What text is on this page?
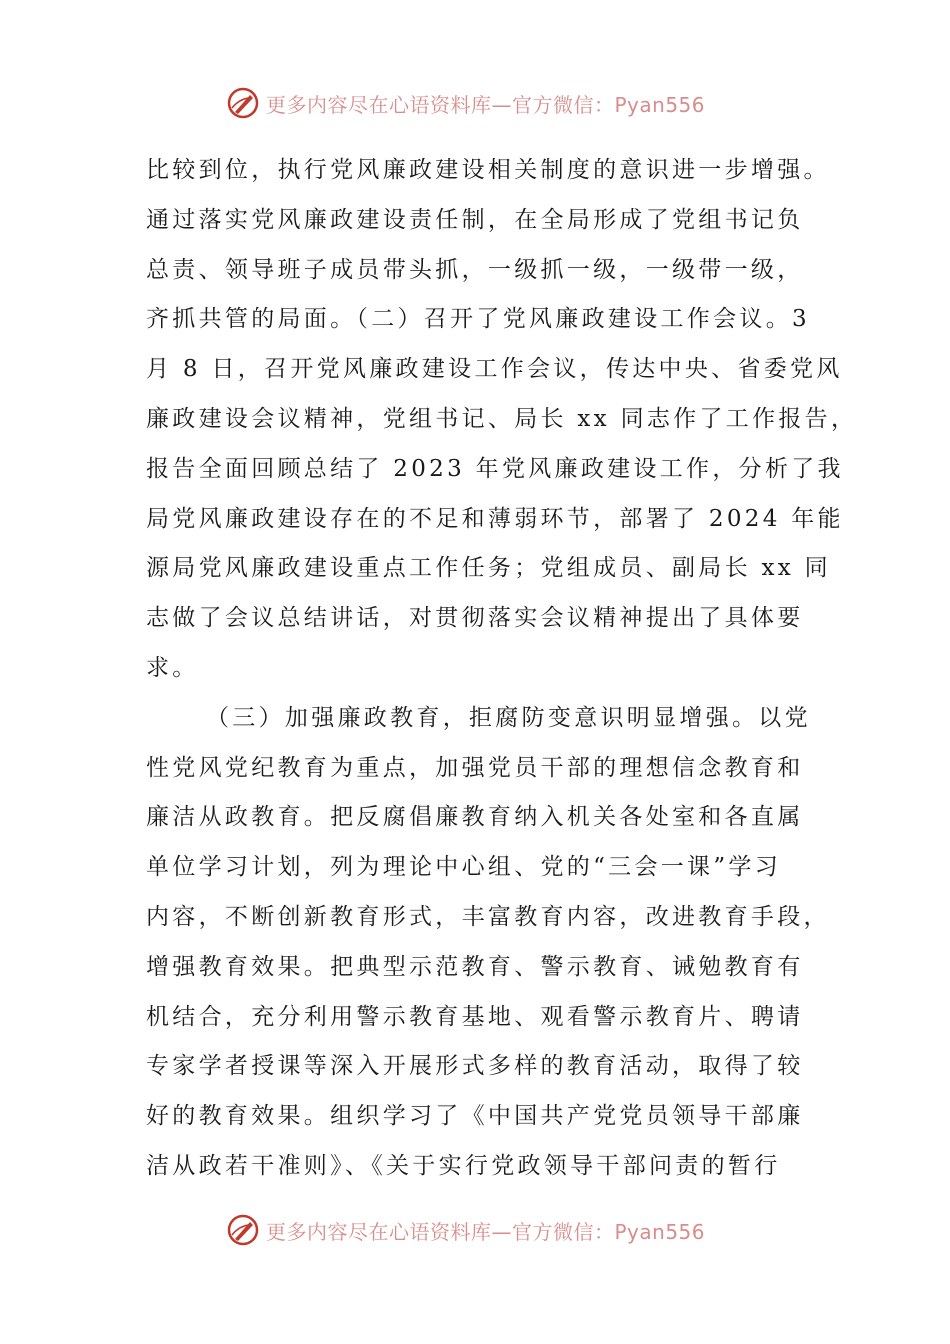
更多内容尽在心语资料库—官方微信：Pyan556
比较到位，执行党风廉政建设相关制度的意识进一步增强。
通过落实党风廉政建设责任制，在全局形成了党组书记负
总责、领导班子成员带头抓，一级抓一级，一级带一级，
齐抓共管的局面。（二）召开了党风廉政建设工作会议。3
月 8 日，召开党风廉政建设工作会议，传达中央、省委党风
廉政建设会议精神，党组书记、局长 xx 同志作了工作报告，
报告全面回顾总结了 2023 年党风廉政建设工作，分析了我
局党风廉政建设存在的不足和薄弱环节，部署了 2024 年能
源局党风廉政建设重点工作任务；党组成员、副局长 xx 同
志做了会议总结讲话，对贯彻落实会议精神提出了具体要
求。
（三）加强廉政教育，拒腐防变意识明显增强。以党
性党风党纪教育为重点，加强党员干部的理想信念教育和
廉洁从政教育。把反腐倡廉教育纳入机关各处室和各直属
单位学习计划，列为理论中心组、党的“三会一课”学习
内容，不断创新教育形式，丰富教育内容，改进教育手段，
增强教育效果。把典型示范教育、警示教育、诫勉教育有
机结合，充分利用警示教育基地、观看警示教育片、聘请
专家学者授课等深入开展形式多样的教育活动，取得了较
好的教育效果。组织学习了《中国共产党党员领导干部廉
洁从政若干准则》、《关于实行党政领导干部问责的暂行
更多内容尽在心语资料库—官方微信：Pyan556
